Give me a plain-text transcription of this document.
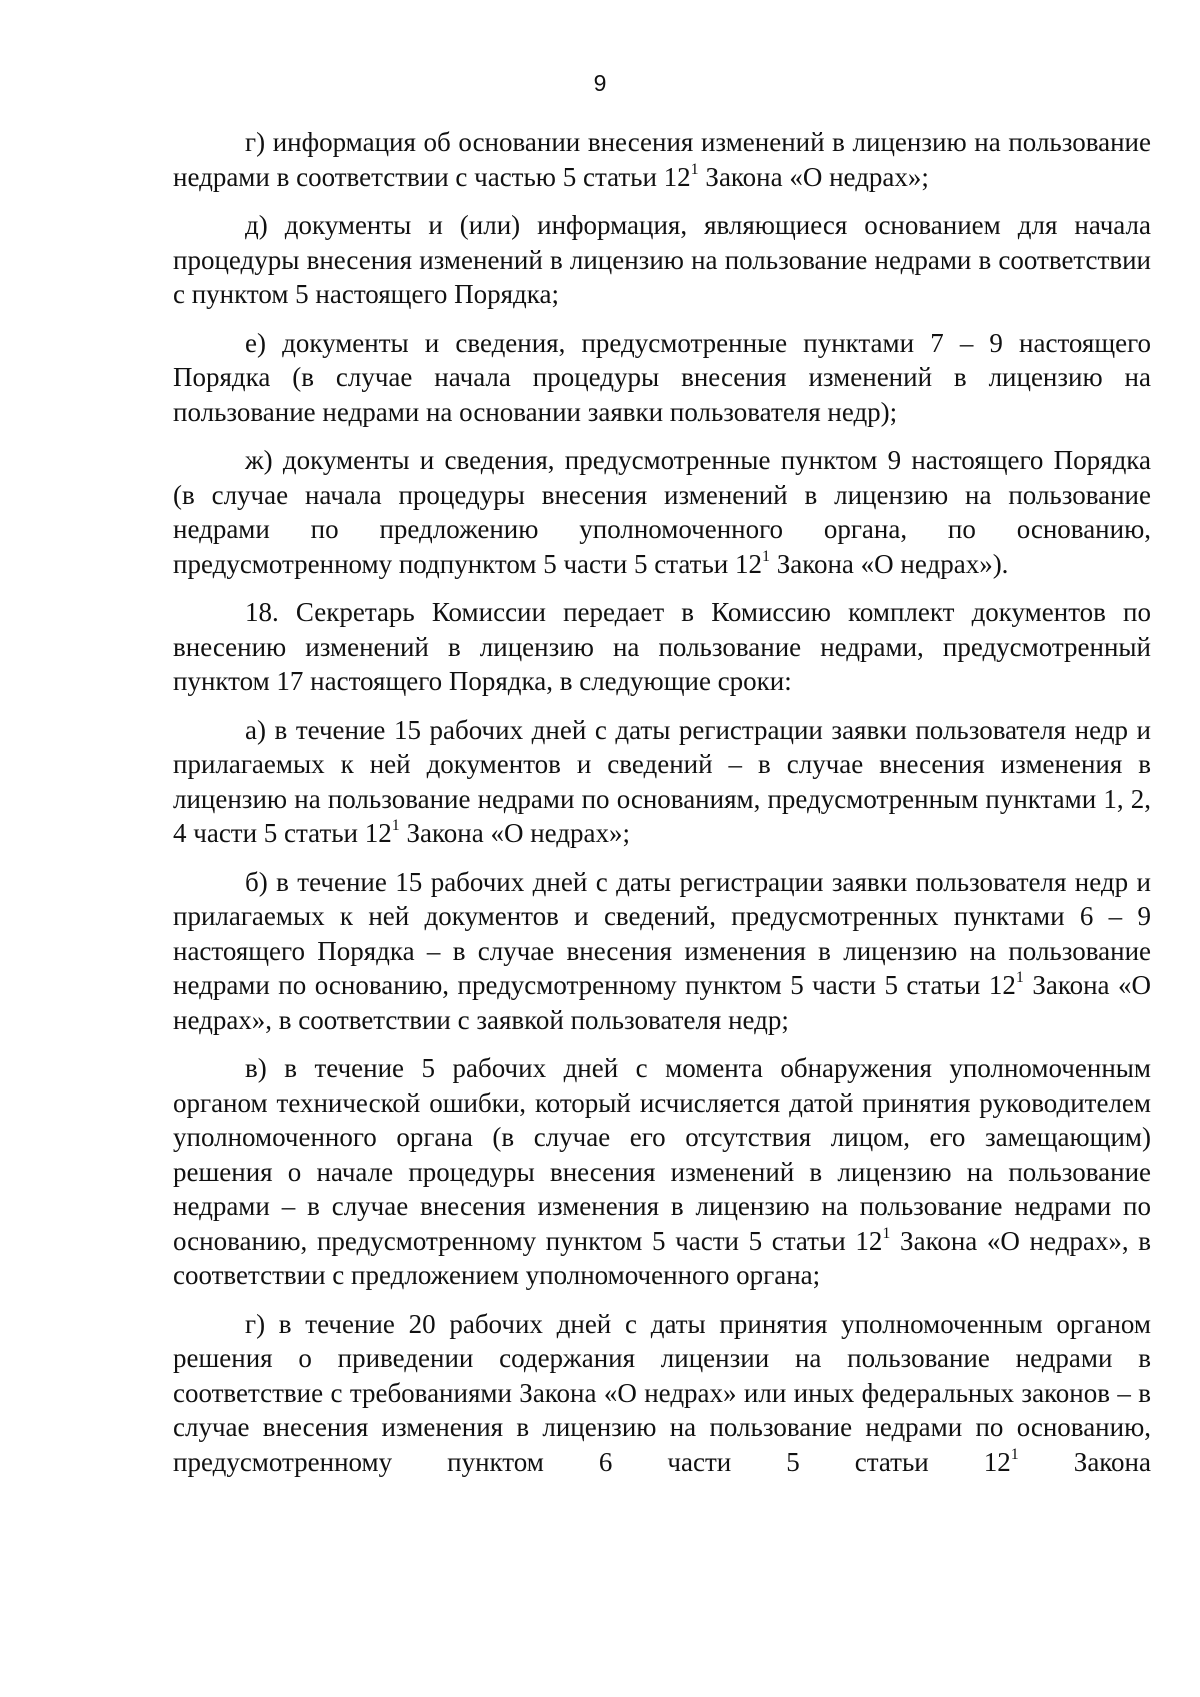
9

г) информация об основании внесения изменений в лицензию на пользование недрами в соответствии с частью 5 статьи $12^1$ Закона «О недрах»;

д) документы и (или) информация, являющиеся основанием для начала процедуры внесения изменений в лицензию на пользование недрами в соответствии с пунктом 5 настоящего Порядка;

е) документы и сведения, предусмотренные пунктами 7 – 9 настоящего Порядка (в случае начала процедуры внесения изменений в лицензию на пользование недрами на основании заявки пользователя недр);

ж) документы и сведения, предусмотренные пунктом 9 настоящего Порядка (в случае начала процедуры внесения изменений в лицензию на пользование недрами по предложению уполномоченного органа, по основанию, предусмотренному подпунктом 5 части 5 статьи $12^1$ Закона «О недрах»).

18. Секретарь Комиссии передает в Комиссию комплект документов по внесению изменений в лицензию на пользование недрами, предусмотренный пунктом 17 настоящего Порядка, в следующие сроки:

а) в течение 15 рабочих дней с даты регистрации заявки пользователя недр и прилагаемых к ней документов и сведений – в случае внесения изменения в лицензию на пользование недрами по основаниям, предусмотренным пунктами 1, 2, 4 части 5 статьи $12^1$ Закона «О недрах»;

б) в течение 15 рабочих дней с даты регистрации заявки пользователя недр и прилагаемых к ней документов и сведений, предусмотренных пунктами 6 – 9 настоящего Порядка – в случае внесения изменения в лицензию на пользование недрами по основанию, предусмотренному пунктом 5 части 5 статьи $12^1$ Закона «О недрах», в соответствии с заявкой пользователя недр;

в) в течение 5 рабочих дней с момента обнаружения уполномоченным органом технической ошибки, который исчисляется датой принятия руководителем уполномоченного органа (в случае его отсутствия лицом, его замещающим) решения о начале процедуры внесения изменений в лицензию на пользование недрами – в случае внесения изменения в лицензию на пользование недрами по основанию, предусмотренному пунктом 5 части 5 статьи $12^1$ Закона «О недрах», в соответствии с предложением уполномоченного органа;

г) в течение 20 рабочих дней с даты принятия уполномоченным органом решения о приведении содержания лицензии на пользование недрами в соответствие с требованиями Закона «О недрах» или иных федеральных законов – в случае внесения изменения в лицензию на пользование недрами по основанию, предусмотренному пунктом 6 части 5 статьи $12^1$ Закона
